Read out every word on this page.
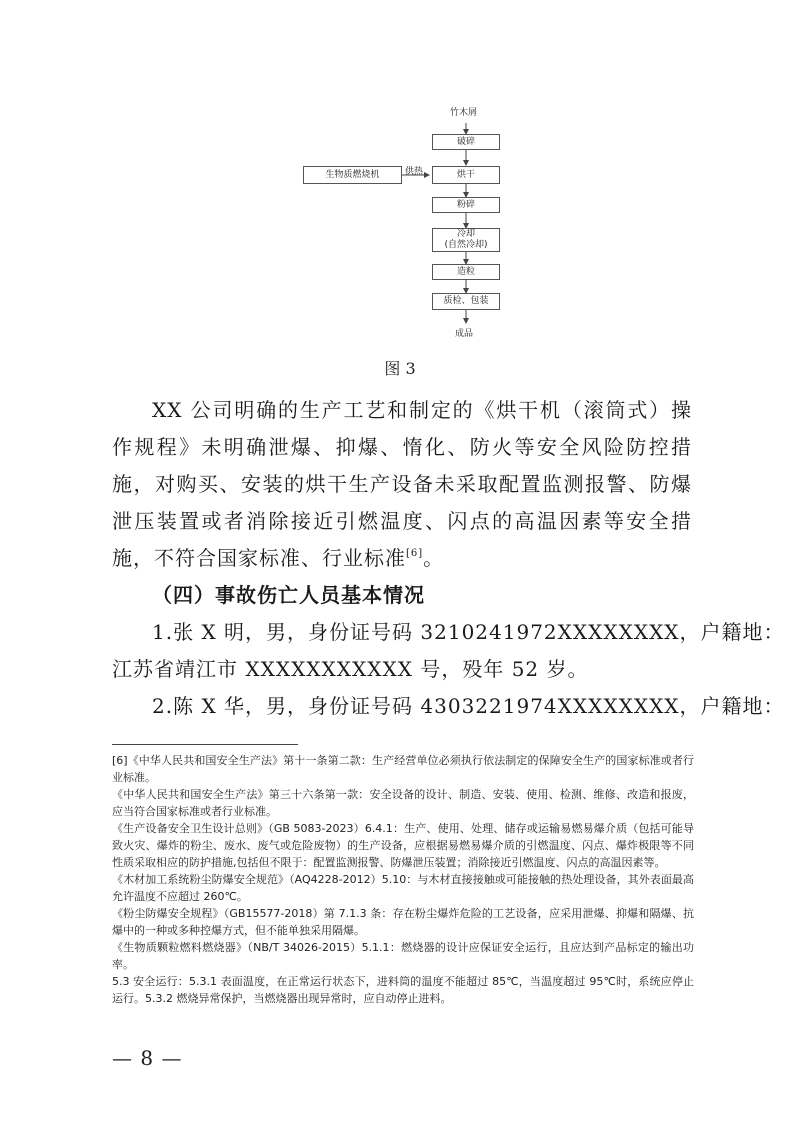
竹木屑
破碎
烘干
粉碎
冷却
(自然冷却)
造粒
质检、包装
成品
生物质燃烧机	供热
图 3

XX 公司明确的生产工艺和制定的《烘干机（滚筒式）操作规程》未明确泄爆、抑爆、惰化、防火等安全风险防控措施，对购买、安装的烘干生产设备未采取配置监测报警、防爆泄压装置或者消除接近引燃温度、闪点的高温因素等安全措施，不符合国家标准、行业标准[6]。

（四）事故伤亡人员基本情况

1.张 X 明，男，身份证号码 3210241972XXXXXXXX，户籍地：

江苏省靖江市 XXXXXXXXXXX 号，殁年 52 岁。

2.陈 X 华，男，身份证号码 4303221974XXXXXXXX，户籍地：

[6]《中华人民共和国安全生产法》第十一条第二款：生产经营单位必须执行依法制定的保障安全生产的国家标准或者行业标准。

《中华人民共和国安全生产法》第三十六条第一款：安全设备的设计、制造、安装、使用、检测、维修、改造和报废，应当符合国家标准或者行业标准。

《生产设备安全卫生设计总则》（GB 5083-2023）6.4.1：生产、使用、处理、储存或运输易燃易爆介质（包括可能导致火灾、爆炸的粉尘、废水、废气或危险废物）的生产设备，应根据易燃易爆介质的引燃温度、闪点、爆炸极限等不同性质采取相应的防护措施,包括但不限于：配置监测报警、防爆泄压装置；消除接近引燃温度、闪点的高温因素等。

《木材加工系统粉尘防爆安全规范》（AQ4228-2012）5.10：与木材直接接触或可能接触的热处理设备，其外表面最高允许温度不应超过 260℃。

《粉尘防爆安全规程》（GB15577-2018）第 7.1.3 条：存在粉尘爆炸危险的工艺设备，应采用泄爆、抑爆和隔爆、抗爆中的一种或多种控爆方式，但不能单独采用隔爆。

《生物质颗粒燃料燃烧器》（NB/T 34026-2015）5.1.1：燃烧器的设计应保证安全运行，且应达到产品标定的输出功率。

5.3 安全运行：5.3.1 表面温度，在正常运行状态下，进料筒的温度不能超过 85℃，当温度超过 95℃时，系统应停止运行。5.3.2 燃烧异常保护，当燃烧器出现异常时，应自动停止进料。

— 8 —
